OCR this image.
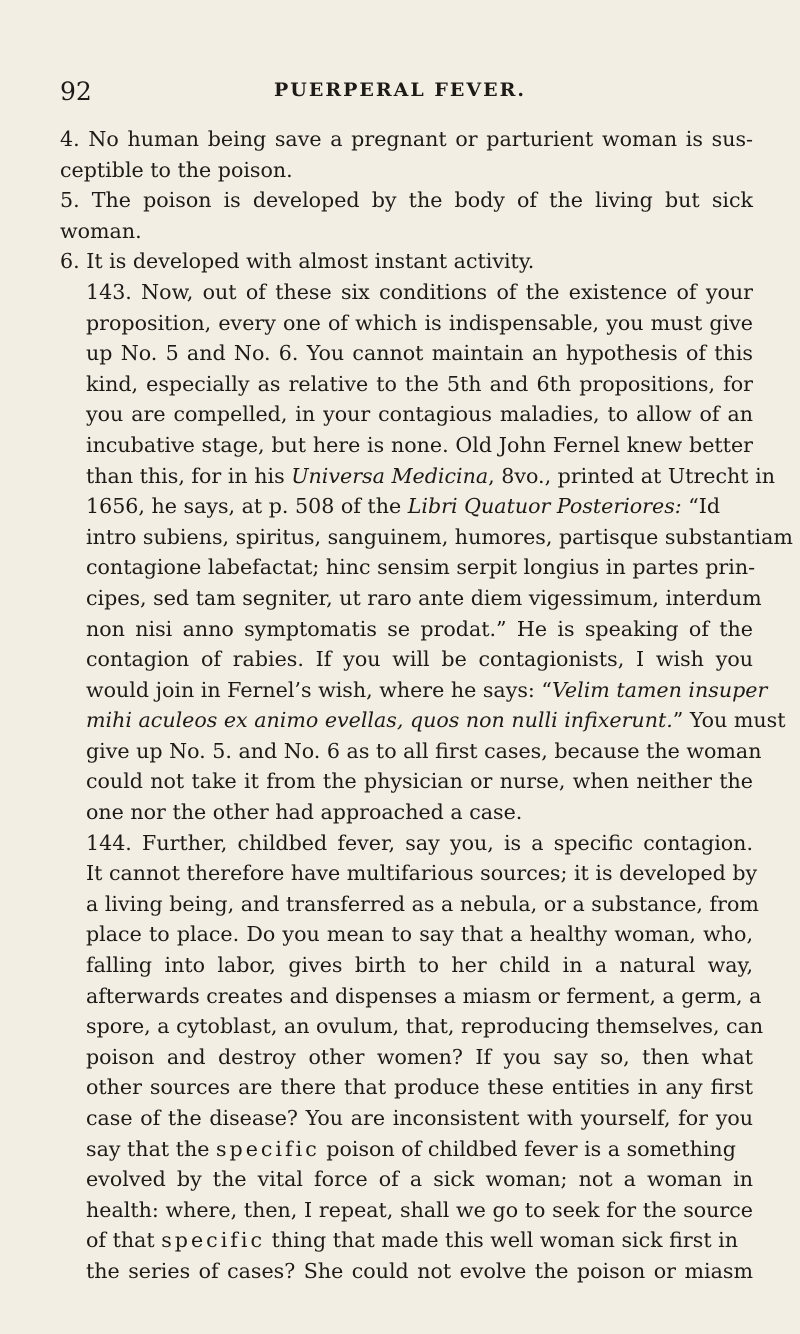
92	PUERPERAL FEVER.

4. No human being save a pregnant or parturient woman is sus-
ceptible to the poison.

5. The poison is developed by the body of the living but sick
woman.

6. It is developed with almost instant activity.

143. Now, out of these six conditions of the existence of your
proposition, every one of which is indispensable, you must give
up No. 5 and No. 6. You cannot maintain an hypothesis of this
kind, especially as relative to the 5th and 6th propositions, for
you are compelled, in your contagious maladies, to allow of an
incubative stage, but here is none. Old John Fernel knew better
than this, for in his Universa Medicina, 8vo., printed at Utrecht in
1656, he says, at p. 508 of the Libri Quatuor Posteriores: “Id
intro subiens, spiritus, sanguinem, humores, partisque substantiam
contagione labefactat; hinc sensim serpit longius in partes prin-
cipes, sed tam segniter, ut raro ante diem vigessimum, interdum
non nisi anno symptomatis se prodat.” He is speaking of the
contagion of rabies. If you will be contagionists, I wish you
would join in Fernel’s wish, where he says: “Velim tamen insuper
mihi aculeos ex animo evellas, quos non nulli infixerunt.” You must
give up No. 5. and No. 6 as to all first cases, because the woman
could not take it from the physician or nurse, when neither the
one nor the other had approached a case.

144. Further, childbed fever, say you, is a specific contagion.
It cannot therefore have multifarious sources; it is developed by
a living being, and transferred as a nebula, or a substance, from
place to place. Do you mean to say that a healthy woman, who,
falling into labor, gives birth to her child in a natural way,
afterwards creates and dispenses a miasm or ferment, a germ, a
spore, a cytoblast, an ovulum, that, reproducing themselves, can
poison and destroy other women? If you say so, then what
other sources are there that produce these entities in any first
case of the disease? You are inconsistent with yourself, for you
say that the specific poison of childbed fever is a something
evolved by the vital force of a sick woman; not a woman in
health: where, then, I repeat, shall we go to seek for the source
of that specific thing that made this well woman sick first in
the series of cases? She could not evolve the poison or miasm
